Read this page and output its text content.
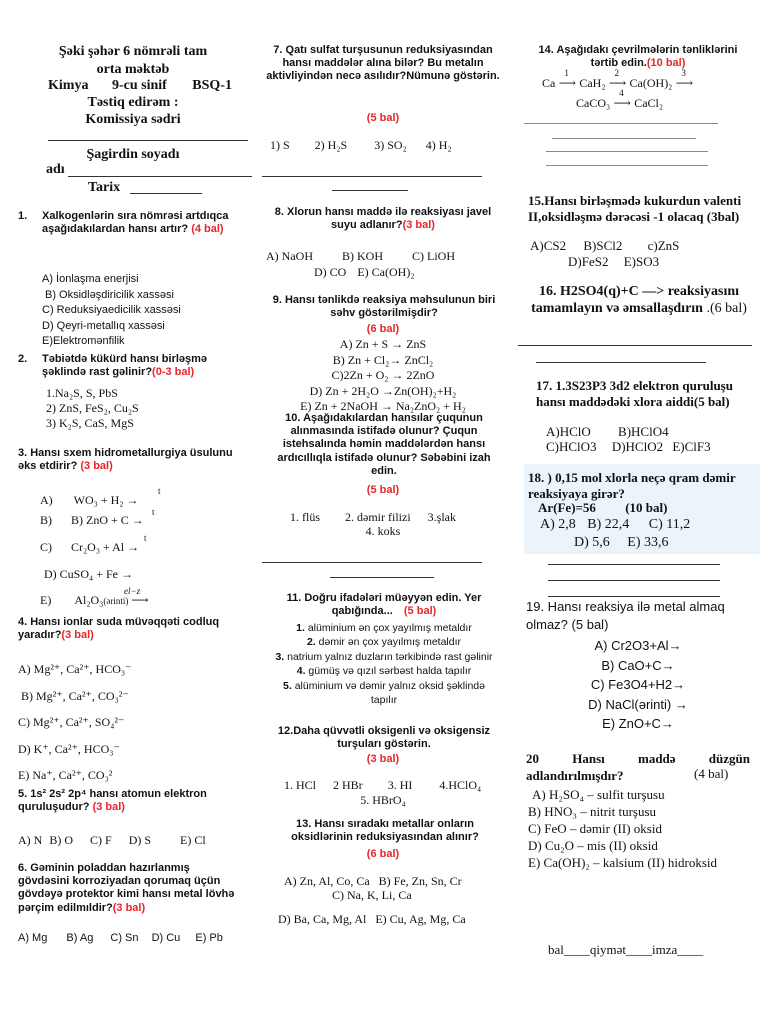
Şəki şəhər 6 nömrəli tam
orta məktəb
Kimya 9-cu sinif BSQ-1
Təstiq edirəm :
Komissiya sədri
Şagirdin soyadı
adı
Tarix
1. Xalkogenlərin sıra nömrəsi artdıqca aşağıdakılardan hansı artır? (4 bal)
A) İonlaşma enerjisi
B) Oksidləşdiricilik xassəsi
C) Reduksiyaedicilik xassəsi
D) Qeyri-metallıq xassəsi
E)Elektromənfilik
2. Təbiətdə kükürd hansı birləşmə şəklində rast gəlinir?(0-3 bal)
1.Na₂S, S, PbS
2) ZnS, FeS₂, Cu₂S
3) K₂S, CaS, MgS
3. Hansı sxem hidrometallurgiya üsulunu əks etdirir? (3 bal)
t
A) WO₃ + H₂ →
t
B) B) ZnO + C →
t
C) Cr₂O₃ + Al →
D) CuSO₄ + Fe →
el−z
E) Al₂O₃(ərinti) ⟶
4. Hansı ionlar suda müvəqqəti codluq yaradır?(3 bal)
A) Mg²⁺, Ca²⁺, HCO₃⁻
B) Mg²⁺, Ca²⁺, CO₃²⁻
C) Mg²⁺, Ca²⁺, SO₄²⁻
D) K⁺, Ca²⁺, HCO₃⁻
E) Na⁺, Ca²⁺, CO₃²
5. 1s² 2s² 2p⁴ hansı atomun elektron quruluşudur? (3 bal)
A) N B) O C) F D) S E) Cl
6. Gəminin poladdan hazırlanmış gövdəsini korroziyadan qorumaq üçün gövdəyə protektor kimi hansı metal lövhə pərçim edilmıldir?(3 bal)
A) Mg B) Ag C) Sn D) Cu E) Pb
7. Qatı sulfat turşusunun reduksiyasından hansı maddələr alına bilər? Bu metalın aktivliyindən necə asılıdır?Nümunə göstərin.
(5 bal)
1) S 2) H₂S 3) SO₂ 4) H₂
8. Xlorun hansı maddə ilə reaksiyası javel suyu adlanır?(3 bal)
A) NaOH B) KOH C) LiOH
D) CO E) Ca(OH)₂
9. Hansı tənlikdə reaksiya məhsulunun biri səhv göstərilmişdir?
(6 bal)
A) Zn + S → ZnS
B) Zn + Cl₂→ ZnCl₂
C)2Zn + O₂ → 2ZnO
D) Zn + 2H₂O →Zn(OH)₂+H₂
E) Zn + 2NaOH → Na₂ZnO₂ + H₂
10. Aşağıdakılardan hansılar çuqunun alınmasında istifadə olunur? Çuqun istehsalında həmin maddələrdən hansı ardıcıllıqla istifadə olunur? Səbəbini izah edin.
(5 bal)
1. flüs 2. dəmir filizi 3.şlak
4. koks
11. Doğru ifadələri müəyyən edin. Yer qabığında... (5 bal)
1. alüminium ən çox yayılmış metaldır
2. dəmir ən çox yayılmış metaldır
3. natrium yalnız duzların tərkibində rast gəlinir
4. gümüş və qızıl sərbəst halda tapılır
5. alüminium və dəmir yalnız oksid şəklində tapılır
12.Daha qüvvətli oksigenli və oksigensiz turşuları göstərin.
(3 bal)
1. HCl 2 HBr 3. HI 4.HClO₄
5. HBrO₄
13. Hansı sıradakı metallar onların oksidlərinin reduksiyasından alınır?
(6 bal)
A) Zn, Al, Co, Ca B) Fe, Zn, Sn, Cr
C) Na, K, Li, Ca
D) Ba, Ca, Mg, Al E) Cu, Ag, Mg, Ca
14. Aşağıdakı çevrilmələrin tənliklərini tərtib edin.(10 bal)
Ca
1
⟶ CaH₂
2
⟶ Ca(OH)₂
3
⟶
CaCO₃
4
⟶ CaCl₂
15.Hansı birləşmədə kukurdun valenti II,oksidləşmə dərəcəsi -1 olacaq (3bal)
A)CS2 B)SCl2 c)ZnS
D)FeS2 E)SO3
16. H2SO4(q)+C —> reaksiyasını tamamlayın və əmsallaşdırın .(6 bal)
17. 1.3S23P3 3d2 elektron quruluşu hansı maddədəki xlora aiddi(5 bal)
A)HClO B)HClO4
C)HClO3 D)HClO2 E)ClF3
18. ) 0,15 mol xlorla neçə qram dəmir reaksiyaya girər?
Ar(Fe)=56 (10 bal)
A) 2,8 B) 22,4 C) 11,2
D) 5,6 E) 33,6
19. Hansı reaksiya ilə metal almaq olmaz? (5 bal)
A) Cr2O3+Al→
B) CaO+C→
C) Fe3O4+H2→
D) NaCl(ərinti) →
E) ZnO+C→
20 Hansı maddə düzgün adlandırılmışdır?	(4 bal)
A) H₂SO₄ – sulfit turşusu
B) HNO₃ – nitrit turşusu
C) FeO – dəmir (II) oksid
D) Cu₂O – mis (II) oksid
E) Ca(OH)₂ – kalsium (II) hidroksid
bal____qiymət____imza____
